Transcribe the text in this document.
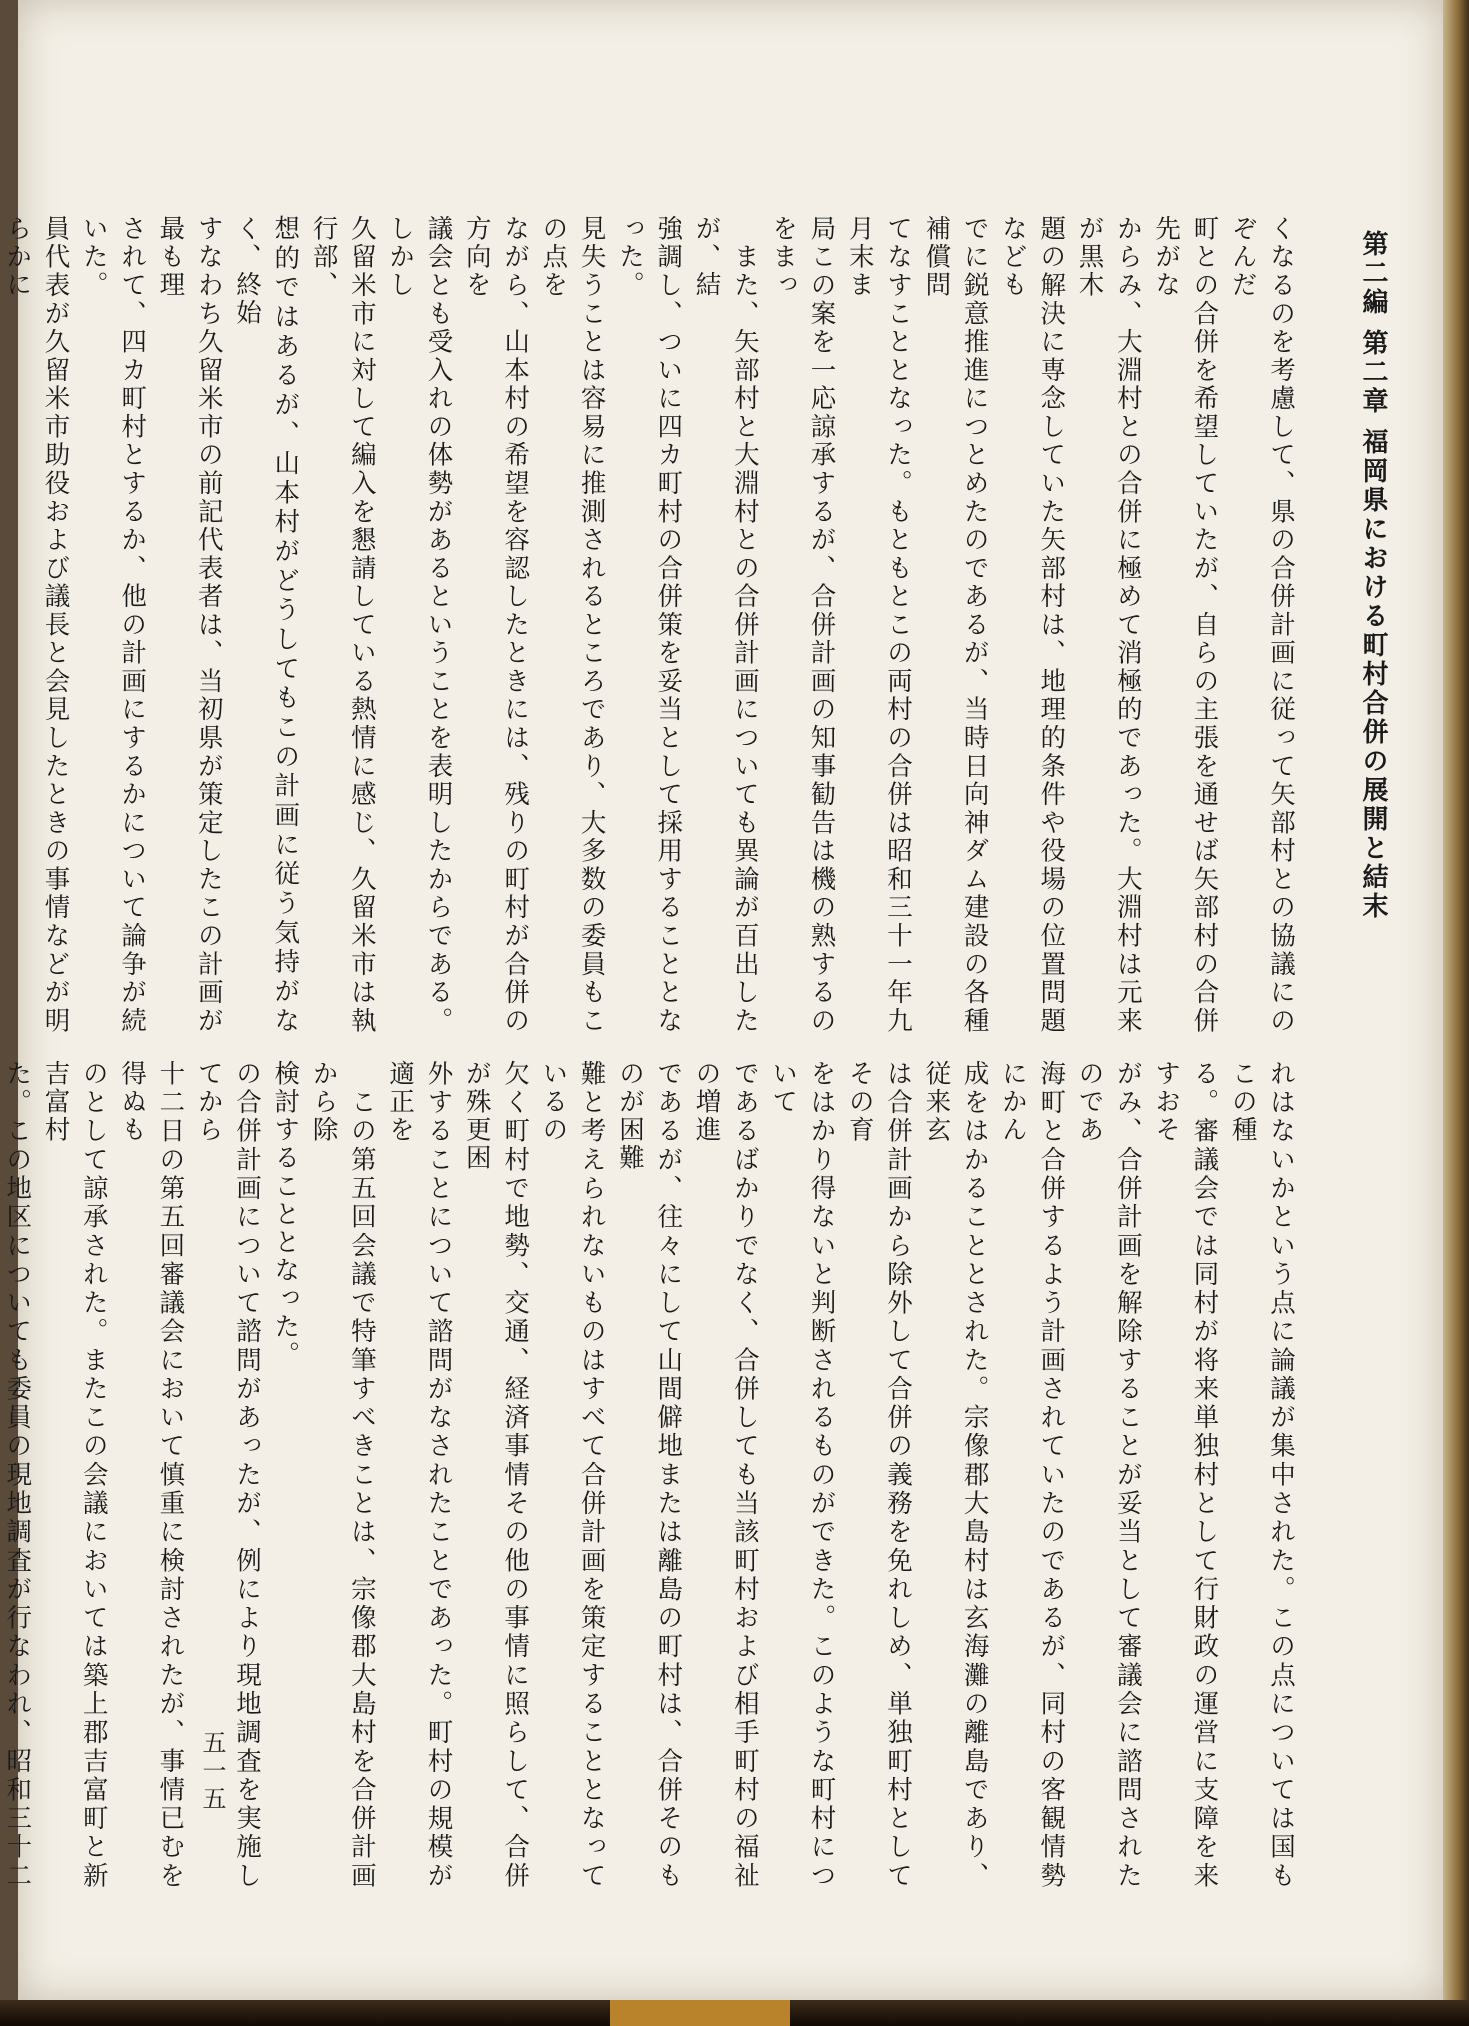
第二編 第二章 福岡県における町村合併の展開と結末
くなるのを考慮して、県の合併計画に従って矢部村との協議にのぞんだ
町との合併を希望していたが、自らの主張を通せば矢部村の合併先がな
からみ、大淵村との合併に極めて消極的であった。大淵村は元来が黒木
題の解決に専念していた矢部村は、地理的条件や役場の位置問題なども
でに鋭意推進につとめたのであるが、当時日向神ダム建設の各種補償問
てなすこととなった。もともとこの両村の合併は昭和三十一年九月末ま
局この案を一応諒承するが、合併計画の知事勧告は機の熟するのをまっ
　また、矢部村と大淵村との合併計画についても異論が百出したが、結
強調し、ついに四カ町村の合併策を妥当として採用することとなった。
見失うことは容易に推測されるところであり、大多数の委員もこの点を
ながら、山本村の希望を容認したときには、残りの町村が合併の方向を
議会とも受入れの体勢があるということを表明したからである。しかし
久留米市に対して編入を懇請している熱情に感じ、久留米市は執行部、
想的ではあるが、山本村がどうしてもこの計画に従う気持がなく、終始
すなわち久留米市の前記代表者は、当初県が策定したこの計画が最も理
されて、四カ町村とするか、他の計画にするかについて論争が続いた。
員代表が久留米市助役および議長と会見したときの事情などが明らかに

れはないかという点に論議が集中された。この点については国もこの種
る。審議会では同村が将来単独村として行財政の運営に支障を来すおそ
がみ、合併計画を解除することが妥当として審議会に諮問されたのであ
海町と合併するよう計画されていたのであるが、同村の客観情勢にかん
成をはかることとされた。宗像郡大島村は玄海灘の離島であり、従来玄
は合併計画から除外して合併の義務を免れしめ、単独町村としてその育
をはかり得ないと判断されるものができた。このような町村について
であるばかりでなく、合併しても当該町村および相手町村の福祉の増進
であるが、往々にして山間僻地または離島の町村は、合併そのものが困難
難と考えられないものはすべて合併計画を策定することとなっているの
欠く町村で地勢、交通、経済事情その他の事情に照らして、合併が殊更困
外することについて諮問がなされたことであった。町村の規模が適正を
　この第五回会議で特筆すべきことは、宗像郡大島村を合併計画から除
検討することとなった。
の合併計画について諮問があったが、例により現地調査を実施してから
十二日の第五回審議会において慎重に検討されたが、事情已むを得ぬも
のとして諒承された。またこの会議においては築上郡吉富町と新吉富村
た。この地区についても委員の現地調査が行なわれ、昭和三十二

五一五
